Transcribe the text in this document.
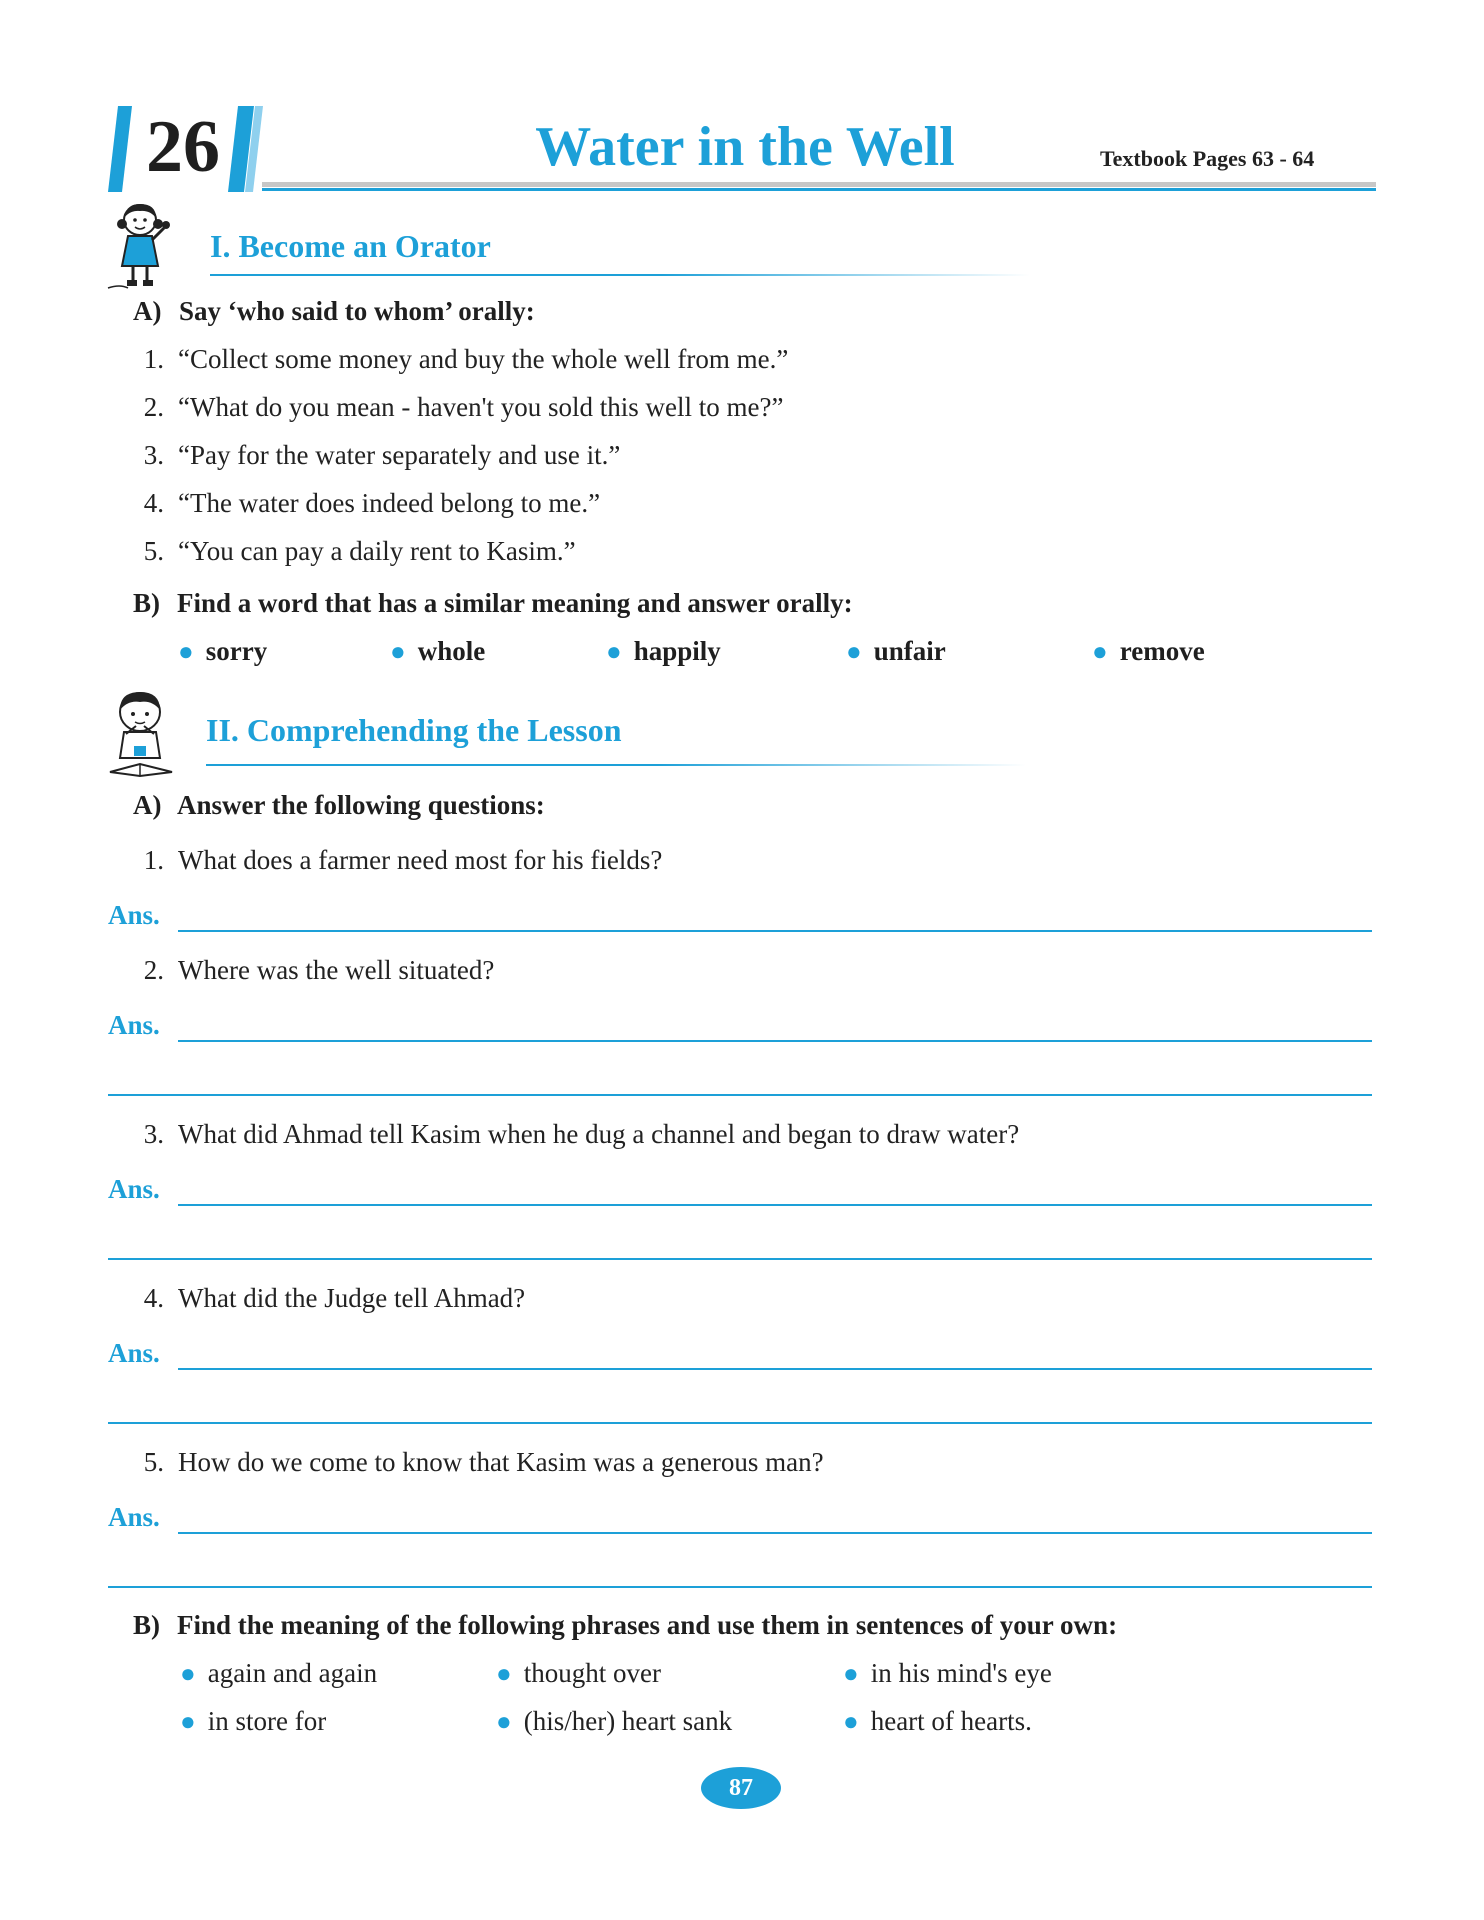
26	Water in the Well	Textbook Pages 63 - 64
I. Become an Orator
A) Say ‘who said to whom’ orally:
1. “Collect some money and buy the whole well from me.”
2. “What do you mean - haven't you sold this well to me?”
3. “Pay for the water separately and use it.”
4. “The water does indeed belong to me.”
5. “You can pay a daily rent to Kasim.”
B) Find a word that has a similar meaning and answer orally:
● sorry	● whole	● happily	● unfair	● remove
II. Comprehending the Lesson
A) Answer the following questions:
1. What does a farmer need most for his fields?
Ans.
2. Where was the well situated?
Ans.
3. What did Ahmad tell Kasim when he dug a channel and began to draw water?
Ans.
4. What did the Judge tell Ahmad?
Ans.
5. How do we come to know that Kasim was a generous man?
Ans.
B) Find the meaning of the following phrases and use them in sentences of your own:
● again and again	● thought over	● in his mind's eye
● in store for	● (his/her) heart sank	● heart of hearts.
87
